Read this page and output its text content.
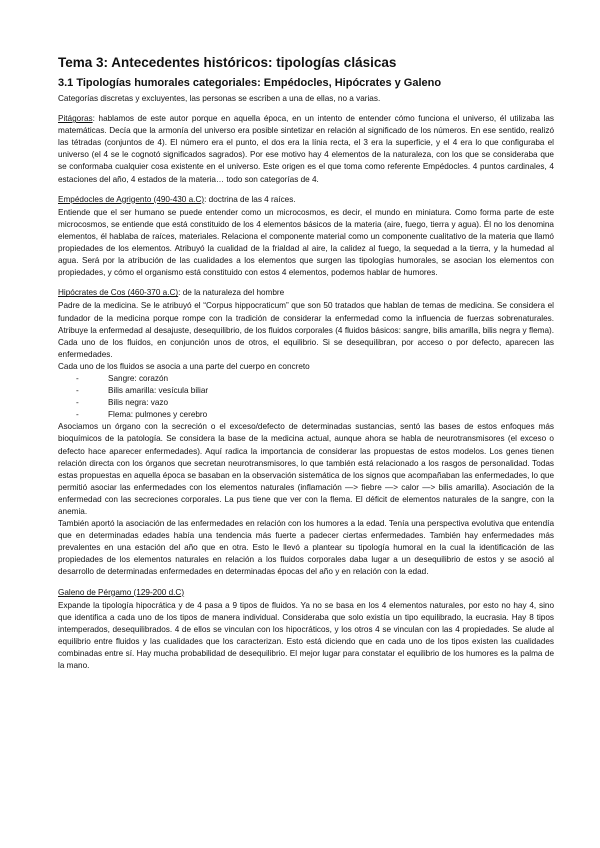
Tema 3: Antecedentes históricos: tipologías clásicas
3.1 Tipologías humorales categoriales: Empédocles, Hipócrates y Galeno

Categorías discretas y excluyentes, las personas se escriben a una de ellas, no a varias.

Pitágoras: hablamos de este autor porque en aquella época, en un intento de entender cómo funciona el universo, él utilizaba las matemáticas. Decía que la armonía del universo era posible sintetizar en relación al significado de los números. En ese sentido, realizó las tétradas (conjuntos de 4). El número era el punto, el dos era la línia recta, el 3 era la superficie, y el 4 era lo que configuraba el universo (el 4 se le cognotó significados sagrados). Por ese motivo hay 4 elementos de la naturaleza, con los que se consideraba que se conformaba cualquier cosa existente en el universo. Este origen es el que toma como referente Empédocles. 4 puntos cardinales, 4 estaciones del año, 4 estados de la materia… todo son categorías de 4.

Empédocles de Agrigento (490-430 a.C): doctrina de las 4 raíces.

Entiende que el ser humano se puede entender como un microcosmos, es decir, el mundo en miniatura. Como forma parte de este microcosmos, se entiende que está constituido de los 4 elementos básicos de la materia (aire, fuego, tierra y agua). Él no los denomina elementos, él hablaba de raíces, materiales. Relaciona el componente material como un componente cualitativo de la materia que llamó propiedades de los elementos. Atribuyó la cualidad de la frialdad al aire, la calidez al fuego, la sequedad a la tierra, y la humedad al agua. Será por la atribución de las cualidades a los elementos que surgen las tipologías humorales, se asocian los elementos con propiedades, y cómo el organismo está constituido con estos 4 elementos, podemos hablar de humores.

Hipócrates de Cos (460-370 a.C): de la naturaleza del hombre

Padre de la medicina. Se le atribuyó el “Corpus hippocraticum” que son 50 tratados que hablan de temas de medicina. Se considera el fundador de la medicina porque rompe con la tradición de considerar la enfermedad como la influencia de fuerzas sobrenaturales. Atribuye la enfermedad al desajuste, desequilibrio, de los fluidos corporales (4 fluidos básicos: sangre, bilis amarilla, bilis negra y flema). Cada uno de los fluidos, en conjunción unos de otros, el equilibrio. Si se desequilibran, por acceso o por defecto, aparecen las enfermedades.

Cada uno de los fluidos se asocia a una parte del cuerpo en concreto

-	Sangre: corazón
-	Bilis amarilla: vesícula biliar
-	Bilis negra: vazo
-	Flema: pulmones y cerebro

Asociamos un órgano con la secreción o el exceso/defecto de determinadas sustancias, sentó las bases de estos enfoques más bioquímicos de la patología. Se considera la base de la medicina actual, aunque ahora se habla de neurotransmisores (el exceso o defecto hace aparecer enfermedades). Aquí radica la importancia de considerar las propuestas de estos modelos. Los genes tienen relación directa con los órganos que secretan neurotransmisores, lo que también está relacionado a los rasgos de personalidad. Todas estas propuestas en aquella época se basaban en la observación sistemática de los signos que acompañaban las enfermedades, lo que permitió asociar las enfermedades con los elementos naturales (inflamación —> fiebre —> calor —> bilis amarilla). Asociación de la enfermedad con las secreciones corporales. La pus tiene que ver con la flema. El déficit de elementos naturales de la sangre, con la anemia.

También aportó la asociación de las enfermedades en relación con los humores a la edad. Tenía una perspectiva evolutiva que entendía que en determinadas edades había una tendencia más fuerte a padecer ciertas enfermedades. También hay enfermedades más prevalentes en una estación del año que en otra. Esto le llevó a plantear su tipología humoral en la cual la identificación de las propiedades de los elementos naturales en relación a los fluidos corporales daba lugar a un desequilibrio de estos y se asoció al desarrollo de determinadas enfermedades en determinadas épocas del año y en relación con la edad.

Galeno de Pérgamo (129-200 d.C)

Expande la tipología hipocrática y de 4 pasa a 9 tipos de fluidos. Ya no se basa en los 4 elementos naturales, por esto no hay 4, sino que identifica a cada uno de los tipos de manera individual. Consideraba que solo existía un tipo equilibrado, la eucrasia. Hay 8 tipos intemperados, desequilibrados. 4 de ellos se vinculan con los hipocráticos, y los otros 4 se vinculan con las 4 propiedades. Se alude al equilibrio entre fluidos y las cualidades que los caracterizan. Esto está diciendo que en cada uno de los tipos existen las cualidades combinadas entre sí. Hay mucha probabilidad de desequilibrio. El mejor lugar para constatar el equilibrio de los humores es la palma de la mano.
